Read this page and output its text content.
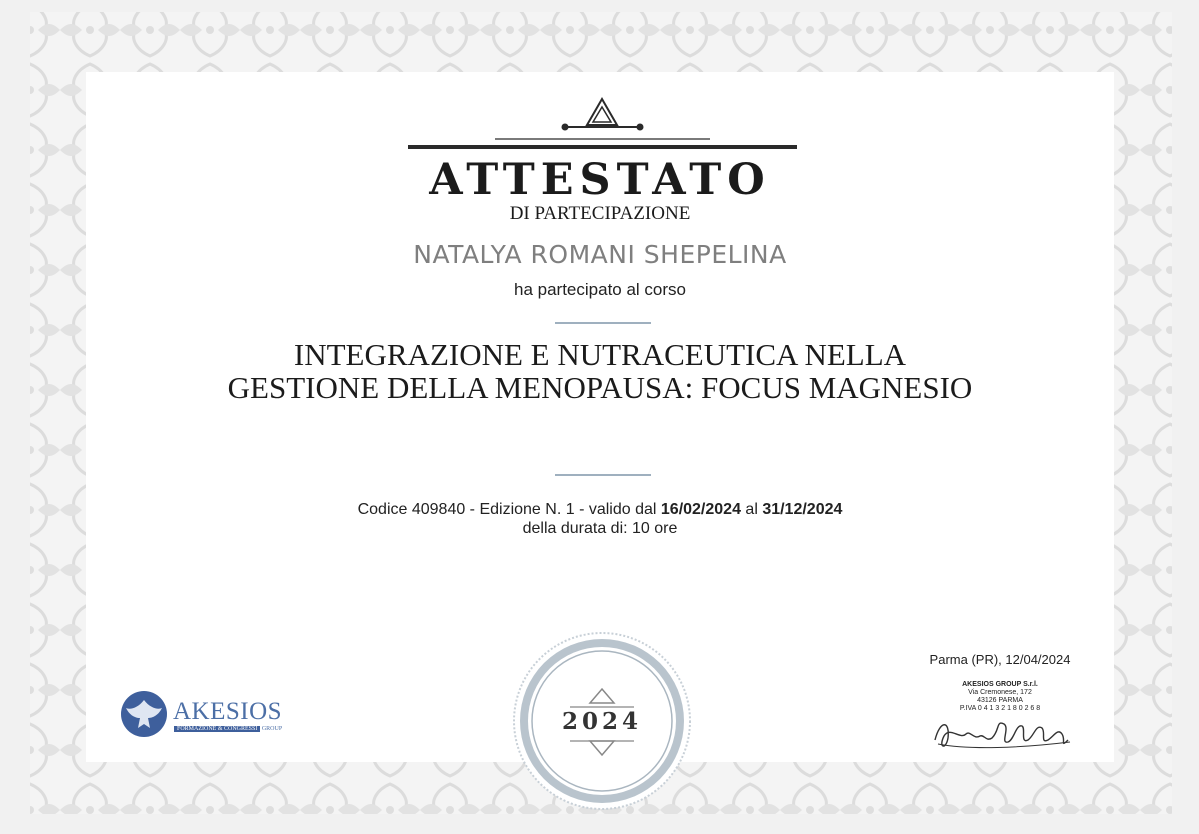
ATTESTATO
DI PARTECIPAZIONE
NATALYA ROMANI SHEPELINA
ha partecipato al corso
INTEGRAZIONE E NUTRACEUTICA NELLA
GESTIONE DELLA MENOPAUSA: FOCUS MAGNESIO
Codice 409840 - Edizione N. 1 - valido dal 16/02/2024 al 31/12/2024
della durata di: 10 ore
2024
AKESIOS
FORMAZIONE & CONGRESSI GROUP
Parma (PR), 12/04/2024
AKESIOS GROUP S.r.l.
Via Cremonese, 172
43126 PARMA
P.IVA 0 4 1 3 2 1 8 0 2 6 8
